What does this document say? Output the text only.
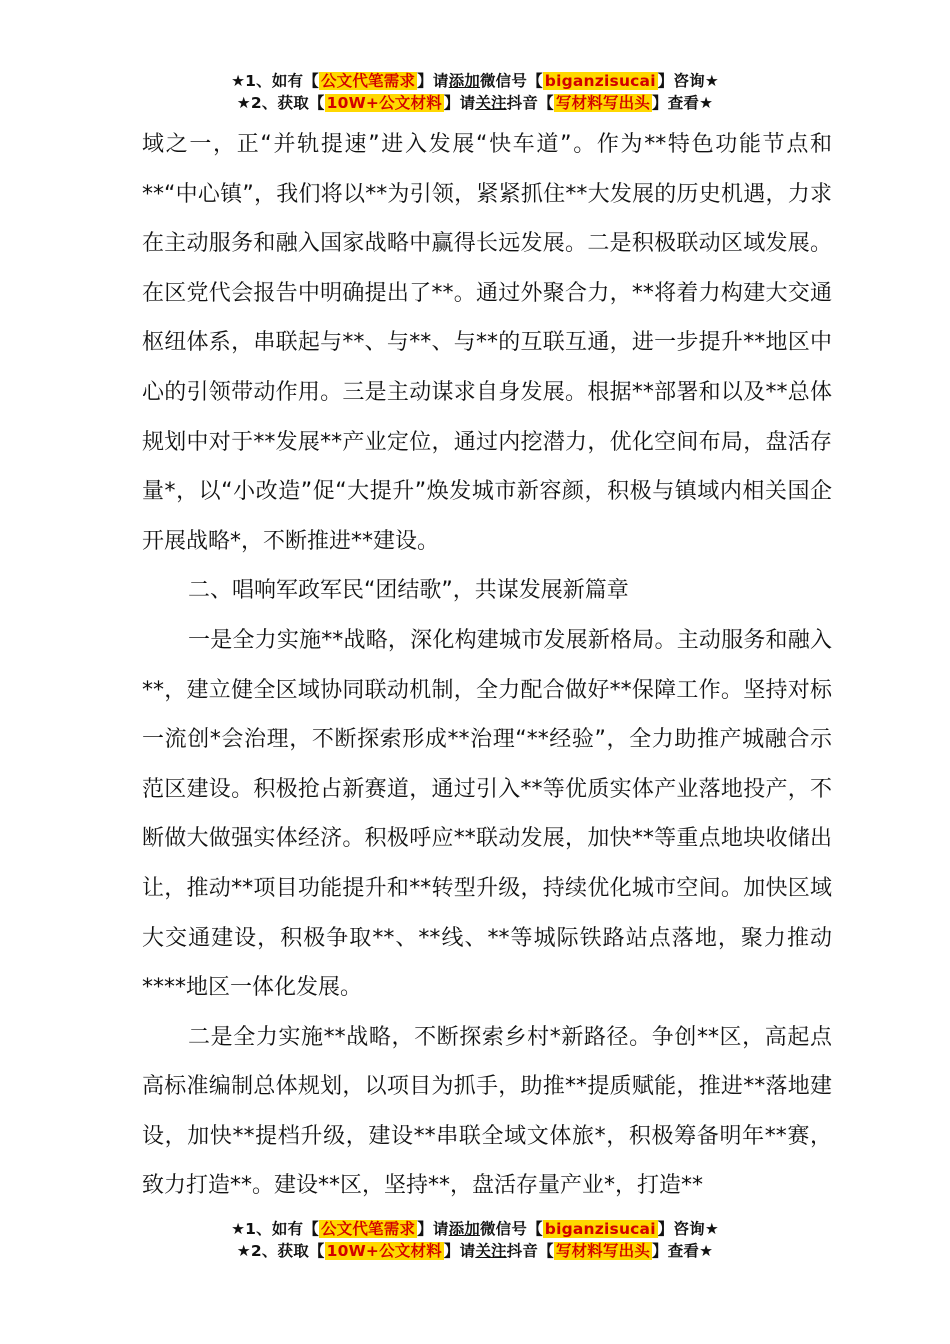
★1、如有【 公文代笔需求 】请添加微信号【 biganzisucai 】咨询★
★2、获取【 10W+公文材料 】请关注抖音【 写材料写出头 】查看★

域之一，正“并轨提速”进入发展“快车道”。作为**特色功能节点和**“中心镇”，我们将以**为引领，紧紧抓住**大发展的历史机遇，力求在主动服务和融入国家战略中赢得长远发展。二是积极联动区域发展。在区党代会报告中明确提出了**。通过外聚合力，**将着力构建大交通枢纽体系，串联起与**、与**、与**的互联互通，进一步提升**地区中心的引领带动作用。三是主动谋求自身发展。根据**部署和以及**总体规划中对于**发展**产业定位，通过内挖潜力，优化空间布局，盘活存量*，以“小改造”促“大提升”焕发城市新容颜，积极与镇域内相关国企开展战略*，不断推进**建设。

二、唱响军政军民“团结歌”，共谋发展新篇章

一是全力实施**战略，深化构建城市发展新格局。主动服务和融入**，建立健全区域协同联动机制，全力配合做好**保障工作。坚持对标一流创*会治理，不断探索形成**治理“**经验”，全力助推产城融合示范区建设。积极抢占新赛道，通过引入**等优质实体产业落地投产，不断做大做强实体经济。积极呼应**联动发展，加快**等重点地块收储出让，推动**项目功能提升和**转型升级，持续优化城市空间。加快区域大交通建设，积极争取**、**线、**等城际铁路站点落地，聚力推动****地区一体化发展。

二是全力实施**战略，不断探索乡村*新路径。争创**区，高起点高标准编制总体规划，以项目为抓手，助推**提质赋能，推进**落地建设，加快**提档升级，建设**串联全域文体旅*，积极筹备明年**赛，致力打造**。建设**区，坚持**，盘活存量产业*，打造**

★1、如有【 公文代笔需求 】请添加微信号【 biganzisucai 】咨询★
★2、获取【 10W+公文材料 】请关注抖音【 写材料写出头 】查看★
